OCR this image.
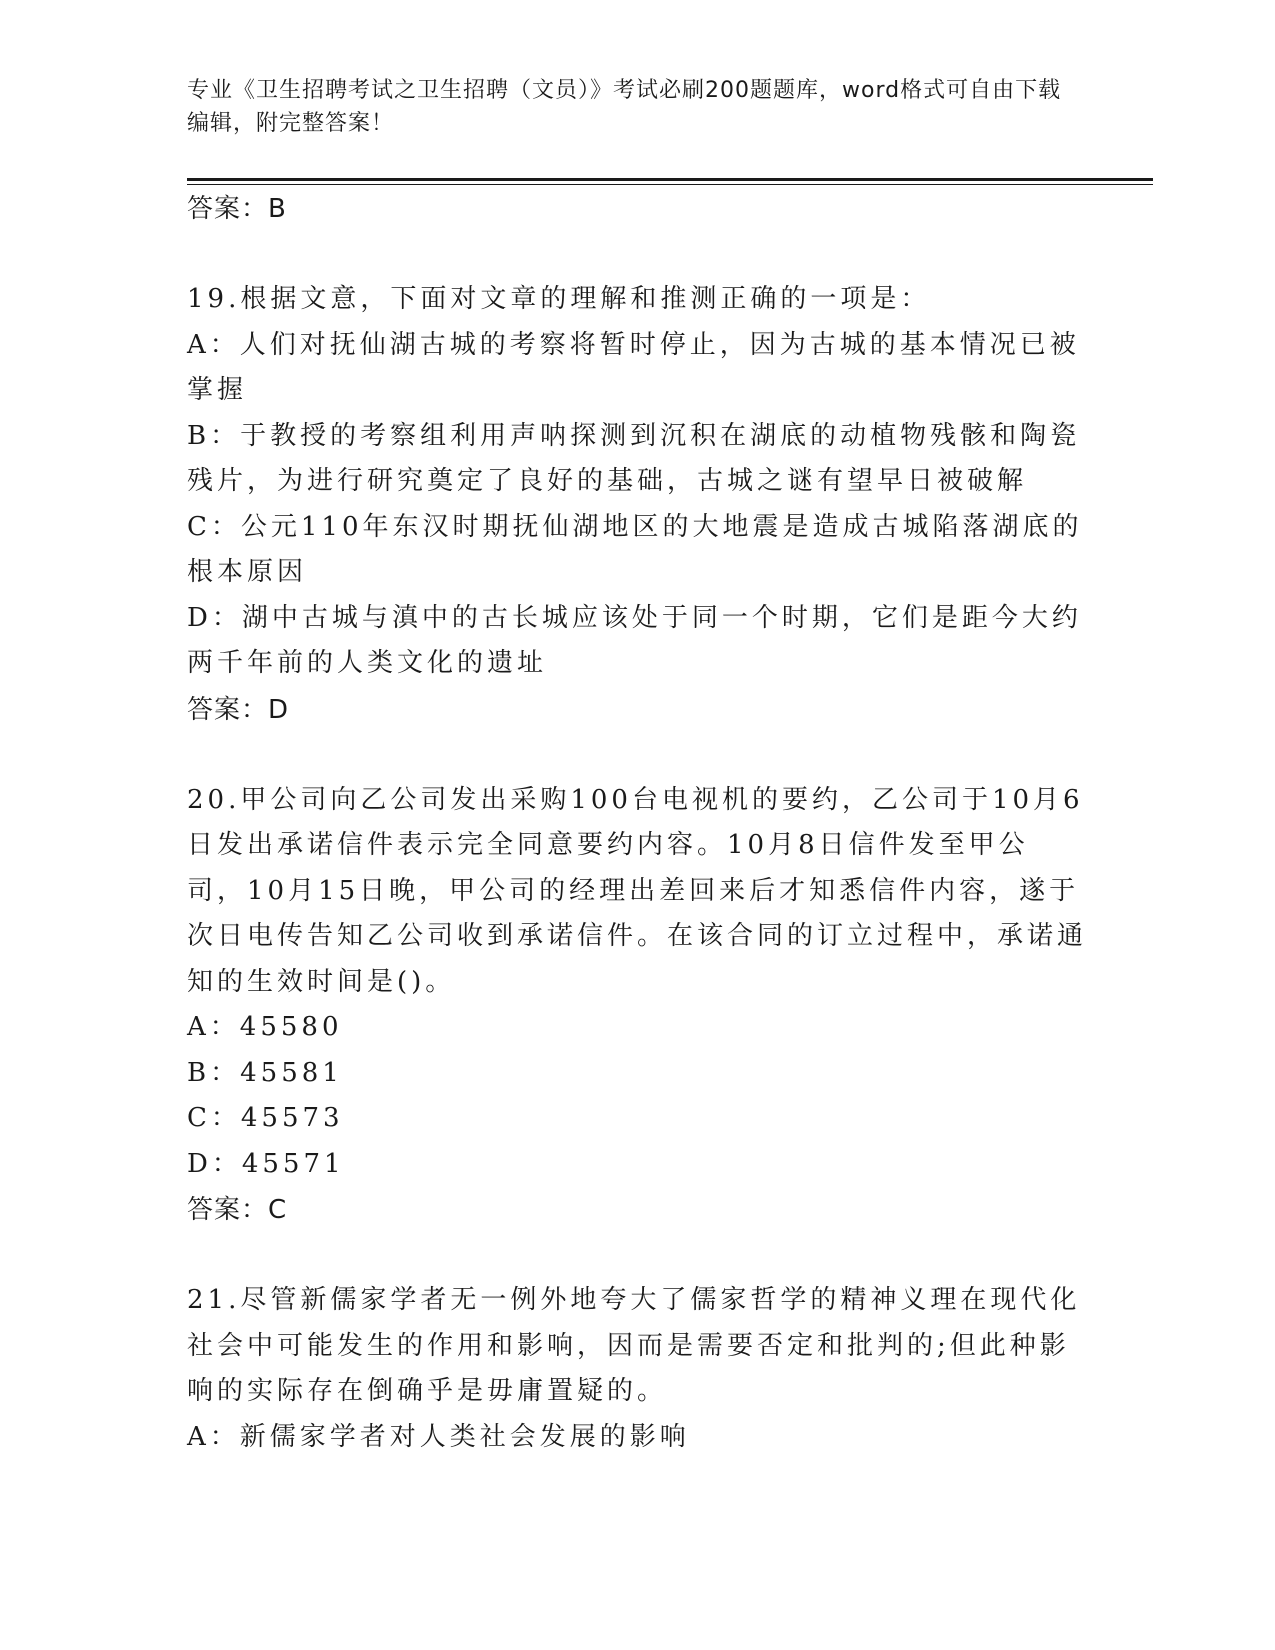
专业《卫生招聘考试之卫生招聘（文员）》考试必刷200题题库，word格式可自由下载编辑，附完整答案！
答案：B
19.根据文意，下面对文章的理解和推测正确的一项是：
A：人们对抚仙湖古城的考察将暂时停止，因为古城的基本情况已被掌握
B：于教授的考察组利用声呐探测到沉积在湖底的动植物残骸和陶瓷残片，为进行研究奠定了良好的基础，古城之谜有望早日被破解
C：公元110年东汉时期抚仙湖地区的大地震是造成古城陷落湖底的根本原因
D：湖中古城与滇中的古长城应该处于同一个时期，它们是距今大约两千年前的人类文化的遗址
答案：D
20.甲公司向乙公司发出采购100台电视机的要约，乙公司于10月6日发出承诺信件表示完全同意要约内容。10月8日信件发至甲公司，10月15日晚，甲公司的经理出差回来后才知悉信件内容，遂于次日电传告知乙公司收到承诺信件。在该合同的订立过程中，承诺通知的生效时间是()。
A：45580
B：45581
C：45573
D：45571
答案：C
21.尽管新儒家学者无一例外地夸大了儒家哲学的精神义理在现代化社会中可能发生的作用和影响，因而是需要否定和批判的;但此种影响的实际存在倒确乎是毋庸置疑的。
A：新儒家学者对人类社会发展的影响
